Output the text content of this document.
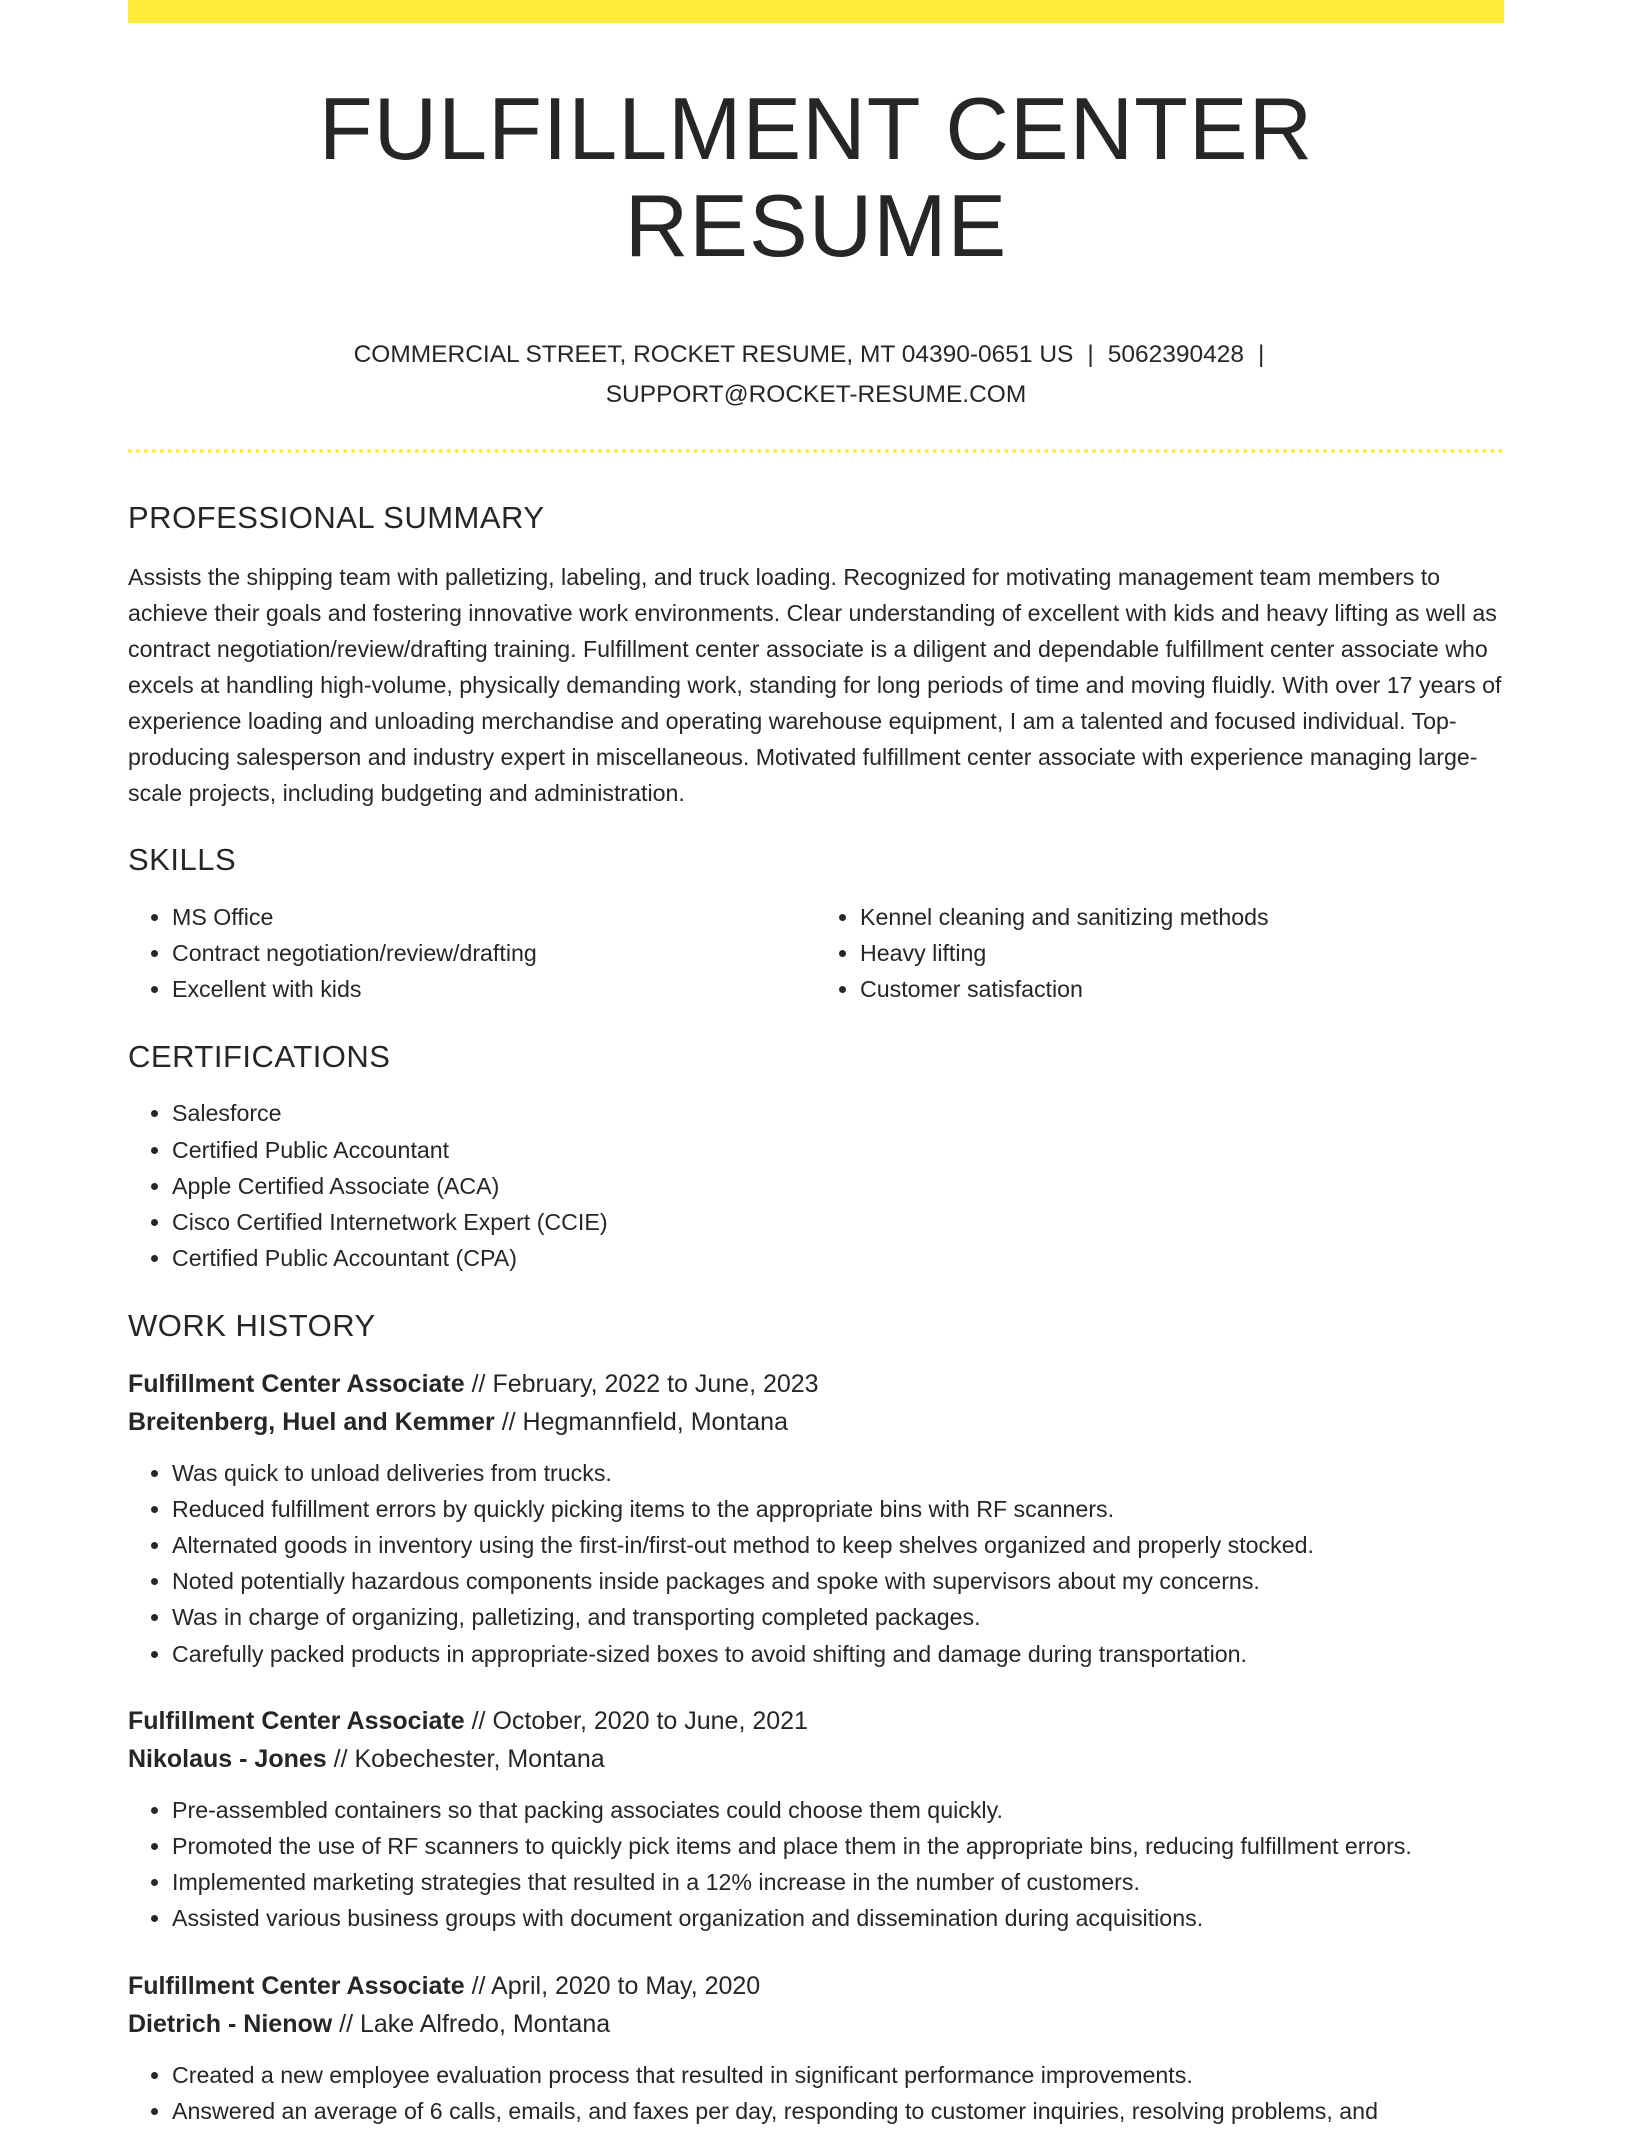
FULFILLMENT CENTER RESUME
COMMERCIAL STREET, ROCKET RESUME, MT 04390-0651 US | 5062390428 |
SUPPORT@ROCKET-RESUME.COM
PROFESSIONAL SUMMARY

Assists the shipping team with palletizing, labeling, and truck loading. Recognized for motivating management team members to achieve their goals and fostering innovative work environments. Clear understanding of excellent with kids and heavy lifting as well as contract negotiation/review/drafting training. Fulfillment center associate is a diligent and dependable fulfillment center associate who excels at handling high-volume, physically demanding work, standing for long periods of time and moving fluidly. With over 17 years of experience loading and unloading merchandise and operating warehouse equipment, I am a talented and focused individual. Top-producing salesperson and industry expert in miscellaneous. Motivated fulfillment center associate with experience managing large-scale projects, including budgeting and administration.

SKILLS
• MS Office
• Contract negotiation/review/drafting
• Excellent with kids
• Kennel cleaning and sanitizing methods
• Heavy lifting
• Customer satisfaction
CERTIFICATIONS
• Salesforce
• Certified Public Accountant
• Apple Certified Associate (ACA)
• Cisco Certified Internetwork Expert (CCIE)
• Certified Public Accountant (CPA)
WORK HISTORY
Fulfillment Center Associate // February, 2022 to June, 2023
Breitenberg, Huel and Kemmer // Hegmannfield, Montana
• Was quick to unload deliveries from trucks.
• Reduced fulfillment errors by quickly picking items to the appropriate bins with RF scanners.
• Alternated goods in inventory using the first-in/first-out method to keep shelves organized and properly stocked.
• Noted potentially hazardous components inside packages and spoke with supervisors about my concerns.
• Was in charge of organizing, palletizing, and transporting completed packages.
• Carefully packed products in appropriate-sized boxes to avoid shifting and damage during transportation.
Fulfillment Center Associate // October, 2020 to June, 2021
Nikolaus - Jones // Kobechester, Montana
• Pre-assembled containers so that packing associates could choose them quickly.
• Promoted the use of RF scanners to quickly pick items and place them in the appropriate bins, reducing fulfillment errors.
• Implemented marketing strategies that resulted in a 12% increase in the number of customers.
• Assisted various business groups with document organization and dissemination during acquisitions.
Fulfillment Center Associate // April, 2020 to May, 2020
Dietrich - Nienow // Lake Alfredo, Montana
• Created a new employee evaluation process that resulted in significant performance improvements.
• Answered an average of 6 calls, emails, and faxes per day, responding to customer inquiries, resolving problems, and
